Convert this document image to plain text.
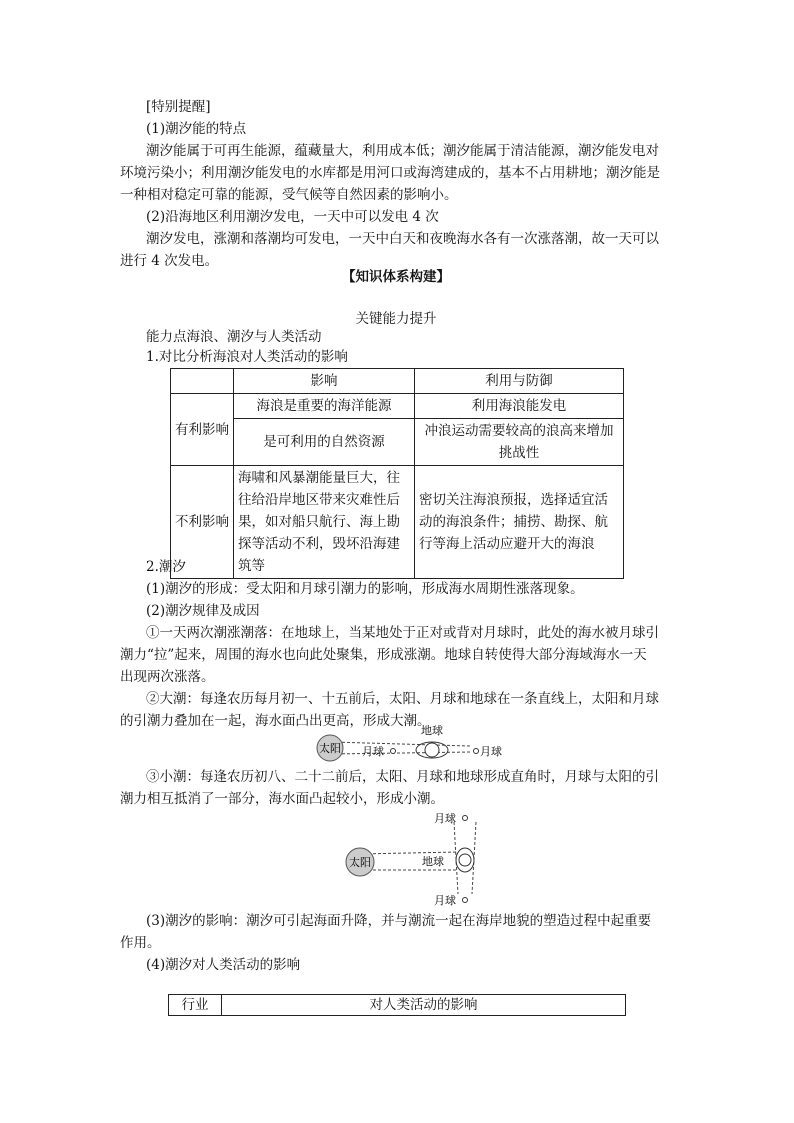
[特别提醒]
(1)潮汐能的特点
潮汐能属于可再生能源，蕴藏量大，利用成本低；潮汐能属于清洁能源，潮汐能发电对
环境污染小；利用潮汐能发电的水库都是用河口或海湾建成的，基本不占用耕地；潮汐能是
一种相对稳定可靠的能源，受气候等自然因素的影响小。
(2)沿海地区利用潮汐发电，一天中可以发电 4 次
潮汐发电，涨潮和落潮均可发电，一天中白天和夜晚海水各有一次涨落潮，故一天可以
进行 4 次发电。
【知识体系构建】
关键能力提升
能力点海浪、潮汐与人类活动
1.对比分析海浪对人类活动的影响
	影响	利用与防御
有利影响	海浪是重要的海洋能源	利用海浪能发电
	是可利用的自然资源	冲浪运动需要较高的浪高来增加挑战性
不利影响	海啸和风暴潮能量巨大，往往给沿岸地区带来灾难性后果，如对船只航行、海上勘探等活动不利，毁坏沿海建筑等	密切关注海浪预报，选择适宜活动的海浪条件；捕捞、勘探、航行等海上活动应避开大的海浪
2.潮汐
(1)潮汐的形成：受太阳和月球引潮力的影响，形成海水周期性涨落现象。
(2)潮汐规律及成因
①一天两次潮涨潮落：在地球上，当某地处于正对或背对月球时，此处的海水被月球引
潮力“拉”起来，周围的海水也向此处聚集，形成涨潮。地球自转使得大部分海域海水一天
出现两次涨落。
②大潮：每逢农历每月初一、十五前后，太阳、月球和地球在一条直线上，太阳和月球
的引潮力叠加在一起，海水面凸出更高，形成大潮。
太阳
地球
月球	月球
③小潮：每逢农历初八、二十二前后，太阳、月球和地球形成直角时，月球与太阳的引
潮力相互抵消了一部分，海水面凸起较小，形成小潮。
太阳	地球
月球
月球
(3)潮汐的影响：潮汐可引起海面升降，并与潮流一起在海岸地貌的塑造过程中起重要
作用。
(4)潮汐对人类活动的影响
行业	对人类活动的影响
